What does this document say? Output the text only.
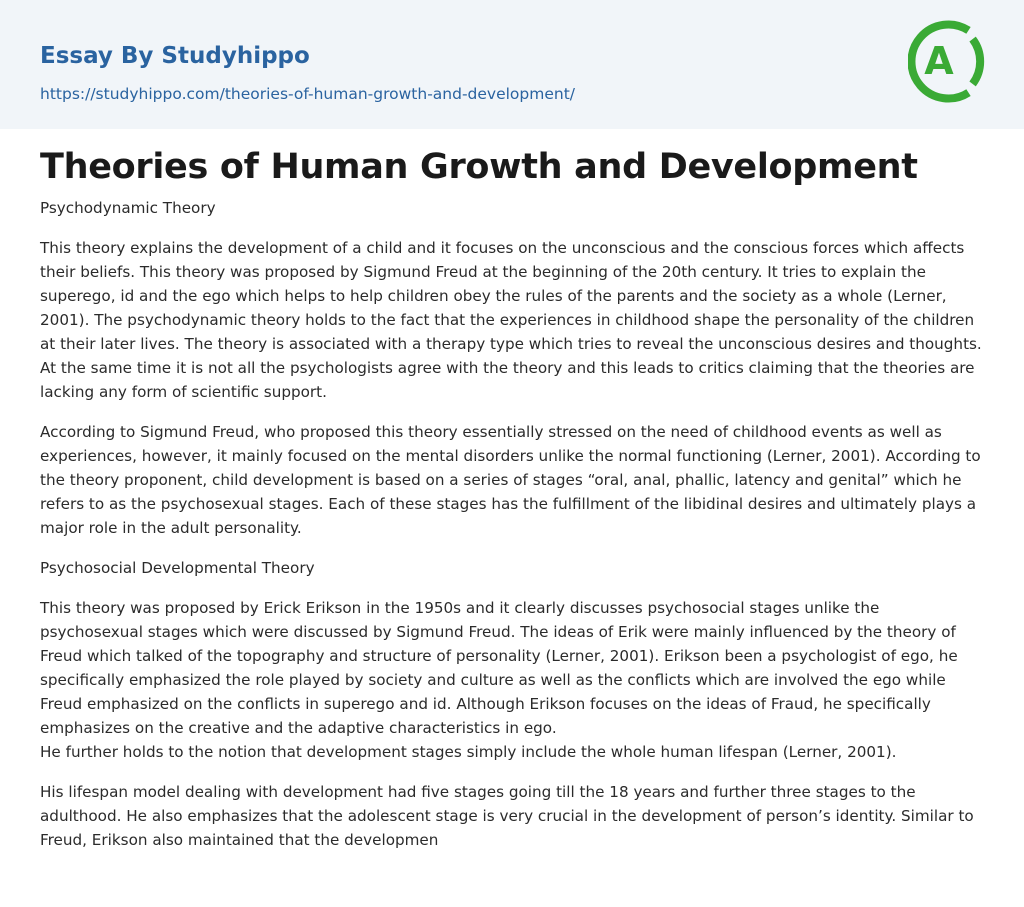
Essay By Studyhippo
https://studyhippo.com/theories-of-human-growth-and-development/
A
Theories of Human Growth and Development

Psychodynamic Theory

This theory explains the development of a child and it focuses on the unconscious and the conscious forces which affects their beliefs. This theory was proposed by Sigmund Freud at the beginning of the 20th century. It tries to explain the superego, id and the ego which helps to help children obey the rules of the parents and the society as a whole (Lerner, 2001). The psychodynamic theory holds to the fact that the experiences in childhood shape the personality of the children at their later lives. The theory is associated with a therapy type which tries to reveal the unconscious desires and thoughts. At the same time it is not all the psychologists agree with the theory and this leads to critics claiming that the theories are lacking any form of scientific support.

According to Sigmund Freud, who proposed this theory essentially stressed on the need of childhood events as well as experiences, however, it mainly focused on the mental disorders unlike the normal functioning (Lerner, 2001). According to the theory proponent, child development is based on a series of stages “oral, anal, phallic, latency and genital” which he refers to as the psychosexual stages. Each of these stages has the fulfillment of the libidinal desires and ultimately plays a major role in the adult personality.

Psychosocial Developmental Theory

This theory was proposed by Erick Erikson in the 1950s and it clearly discusses psychosocial stages unlike the psychosexual stages which were discussed by Sigmund Freud. The ideas of Erik were mainly influenced by the theory of Freud which talked of the topography and structure of personality (Lerner, 2001). Erikson been a psychologist of ego, he specifically emphasized the role played by society and culture as well as the conflicts which are involved the ego while Freud emphasized on the conflicts in superego and id. Although Erikson focuses on the ideas of Fraud, he specifically emphasizes on the creative and the adaptive characteristics in ego.

He further holds to the notion that development stages simply include the whole human lifespan (Lerner, 2001).

His lifespan model dealing with development had five stages going till the 18 years and further three stages to the adulthood. He also emphasizes that the adolescent stage is very crucial in the development of person’s identity. Similar to Freud, Erikson also maintained that the developmen
